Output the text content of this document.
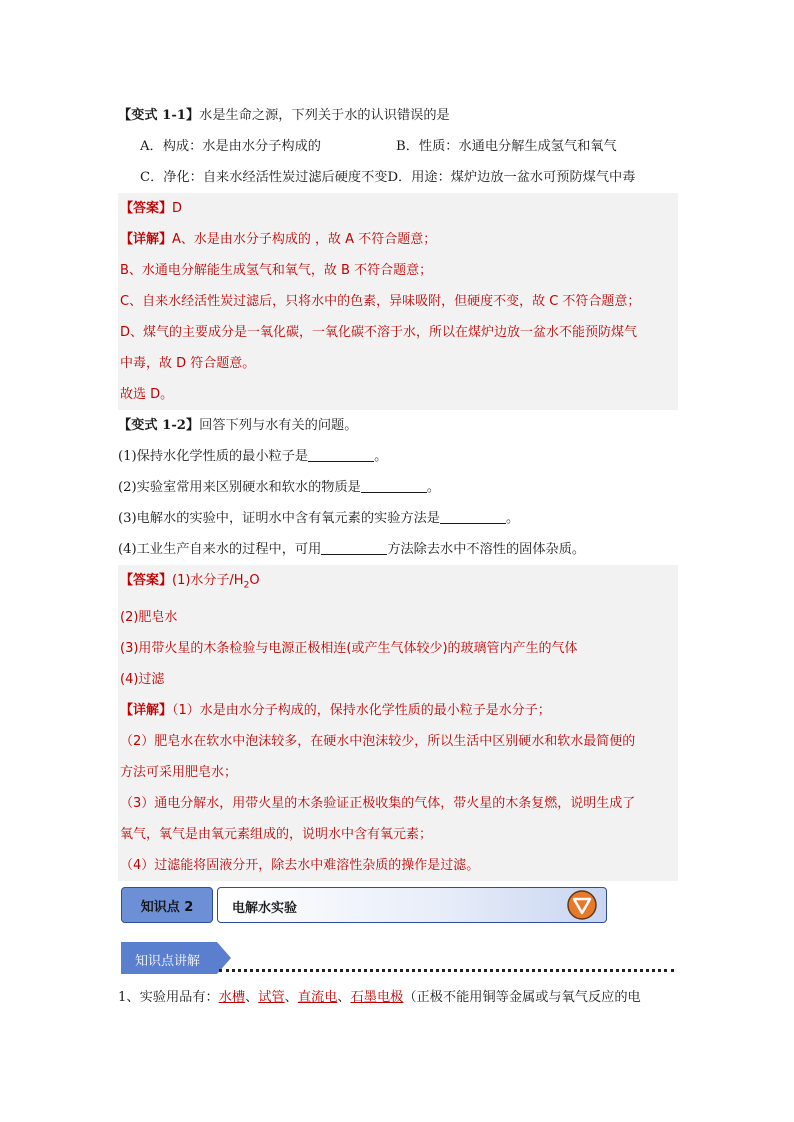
【变式 1-1】水是生命之源，下列关于水的认识错误的是
A．构成：水是由水分子构成的	B．性质：水通电分解生成氢气和氧气
C．净化：自来水经活性炭过滤后硬度不变D．用途：煤炉边放一盆水可预防煤气中毒
【答案】D
【详解】A、水是由水分子构成的 ，故 A 不符合题意；
B、水通电分解能生成氢气和氧气，故 B 不符合题意；
C、自来水经活性炭过滤后，只将水中的色素，异味吸附，但硬度不变，故 C 不符合题意；
D、煤气的主要成分是一氧化碳，一氧化碳不溶于水，所以在煤炉边放一盆水不能预防煤气
中毒，故 D 符合题意。
故选 D。
【变式 1-2】回答下列与水有关的问题。
(1)保持水化学性质的最小粒子是	。
(2)实验室常用来区别硬水和软水的物质是	。
(3)电解水的实验中，证明水中含有氧元素的实验方法是	。
(4)工业生产自来水的过程中，可用	方法除去水中不溶性的固体杂质。
【答案】(1)水分子$/H_2O$
(2)肥皂水
(3)用带火星的木条检验与电源正极相连(或产生气体较少)的玻璃管内产生的气体
(4)过滤
【详解】（1）水是由水分子构成的，保持水化学性质的最小粒子是水分子；
（2）肥皂水在软水中泡沫较多，在硬水中泡沫较少，所以生活中区别硬水和软水最简便的
方法可采用肥皂水；
（3）通电分解水，用带火星的木条验证正极收集的气体，带火星的木条复燃，说明生成了
氧气，氧气是由氧元素组成的，说明水中含有氧元素；
（4）过滤能将固液分开，除去水中难溶性杂质的操作是过滤。
知识点 2	电解水实验
知识点讲解
1、实验用品有：水槽、试管、直流电、石墨电极（正极不能用铜等金属或与氧气反应的电
